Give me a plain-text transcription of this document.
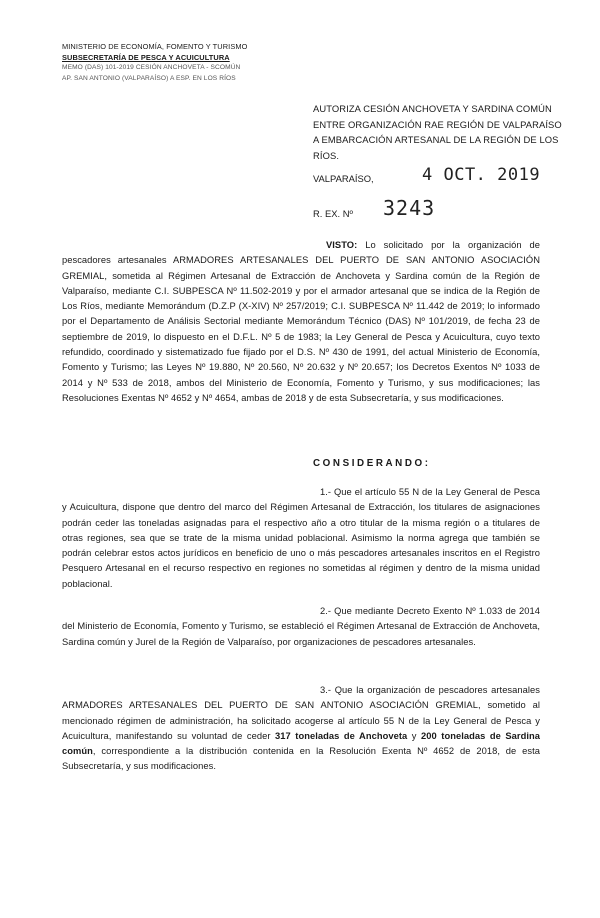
MINISTERIO DE ECONOMÍA, FOMENTO Y TURISMO
SUBSECRETARÍA DE PESCA Y ACUICULTURA
MEMO (DAS) 101-2019 CESIÓN ANCHOVETA - SCOMÚN
AP. SAN ANTONIO (VALPARAÍSO) A ESP. EN LOS RÍOS
AUTORIZA CESIÓN ANCHOVETA Y SARDINA COMÚN ENTRE ORGANIZACIÓN RAE REGIÓN DE VALPARAÍSO A EMBARCACIÓN ARTESANAL DE LA REGIÓN DE LOS RÍOS.
VALPARAÍSO,	4 OCT. 2019
R. EX. Nº 3243
VISTO: Lo solicitado por la organización de pescadores artesanales ARMADORES ARTESANALES DEL PUERTO DE SAN ANTONIO ASOCIACIÓN GREMIAL, sometida al Régimen Artesanal de Extracción de Anchoveta y Sardina común de la Región de Valparaíso, mediante C.I. SUBPESCA Nº 11.502-2019 y por el armador artesanal que se indica de la Región de Los Ríos, mediante Memorándum (D.Z.P (X-XIV) Nº 257/2019; C.I. SUBPESCA Nº 11.442 de 2019; lo informado por el Departamento de Análisis Sectorial mediante Memorándum Técnico (DAS) Nº 101/2019, de fecha 23 de septiembre de 2019, lo dispuesto en el D.F.L. Nº 5 de 1983; la Ley General de Pesca y Acuicultura, cuyo texto refundido, coordinado y sistematizado fue fijado por el D.S. Nº 430 de 1991, del actual Ministerio de Economía, Fomento y Turismo; las Leyes Nº 19.880, Nº 20.560, Nº 20.632 y Nº 20.657; los Decretos Exentos Nº 1033 de 2014 y Nº 533 de 2018, ambos del Ministerio de Economía, Fomento y Turismo, y sus modificaciones; las Resoluciones Exentas Nº 4652 y Nº 4654, ambas de 2018 y de esta Subsecretaría, y sus modificaciones.
CONSIDERANDO:
1.- Que el artículo 55 N de la Ley General de Pesca y Acuicultura, dispone que dentro del marco del Régimen Artesanal de Extracción, los titulares de asignaciones podrán ceder las toneladas asignadas para el respectivo año a otro titular de la misma región o a titulares de otras regiones, sea que se trate de la misma unidad poblacional. Asimismo la norma agrega que también se podrán celebrar estos actos jurídicos en beneficio de uno o más pescadores artesanales inscritos en el Registro Pesquero Artesanal en el recurso respectivo en regiones no sometidas al régimen y dentro de la misma unidad poblacional.
2.- Que mediante Decreto Exento Nº 1.033 de 2014 del Ministerio de Economía, Fomento y Turismo, se estableció el Régimen Artesanal de Extracción de Anchoveta, Sardina común y Jurel de la Región de Valparaíso, por organizaciones de pescadores artesanales.
3.- Que la organización de pescadores artesanales ARMADORES ARTESANALES DEL PUERTO DE SAN ANTONIO ASOCIACIÓN GREMIAL, sometido al mencionado régimen de administración, ha solicitado acogerse al artículo 55 N de la Ley General de Pesca y Acuicultura, manifestando su voluntad de ceder 317 toneladas de Anchoveta y 200 toneladas de Sardina común, correspondiente a la distribución contenida en la Resolución Exenta Nº 4652 de 2018, de esta Subsecretaría, y sus modificaciones.
